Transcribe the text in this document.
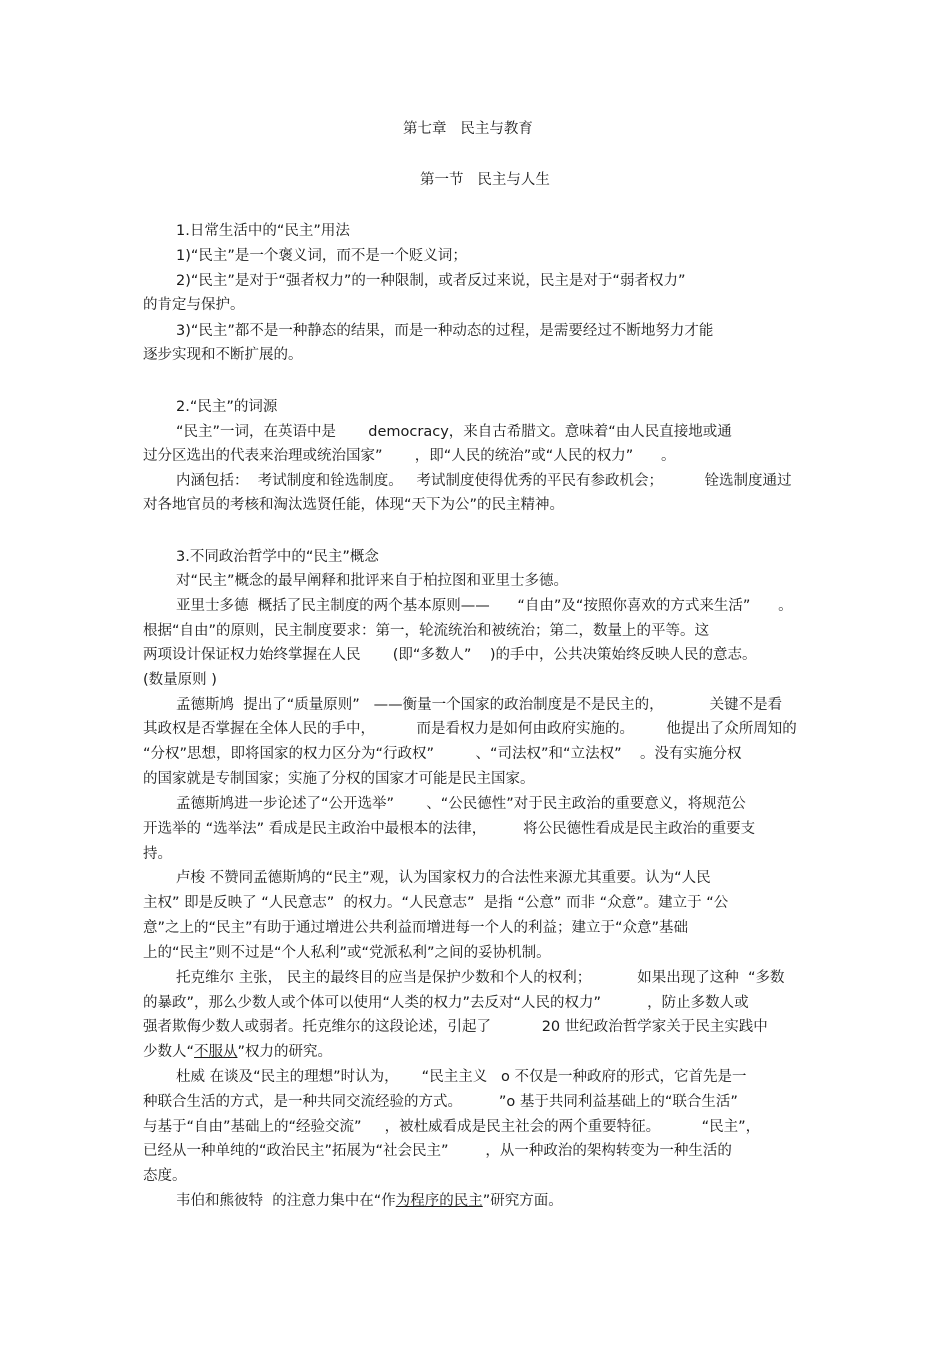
第七章   民主与教育

第一节   民主与人生

1.日常生活中的“民主”用法

1)“民主”是一个褒义词，而不是一个贬义词；

2)“民主”是对于“强者权力”的一种限制，或者反过来说，民主是对于“弱者权力”

的肯定与保护。

3)“民主”都不是一种静态的结果，而是一种动态的过程，是需要经过不断地努力才能

逐步实现和不断扩展的。

2.“民主”的词源

“民主”一词，在英语中是       democracy，来自古希腊文。意味着“由人民直接地或通

过分区选出的代表来治理或统治国家”       ，即“人民的统治”或“人民的权力”      。

内涵包括：  考试制度和铨选制度。   考试制度使得优秀的平民有参政机会；         铨选制度通过

对各地官员的考核和淘汰选贤任能，体现“天下为公”的民主精神。

3.不同政治哲学中的“民主”概念

对“民主”概念的最早阐释和批评来自于柏拉图和亚里士多德。

亚里士多德  概括了民主制度的两个基本原则——      “自由”及“按照你喜欢的方式来生活”      。

根据“自由”的原则，民主制度要求：第一，轮流统治和被统治；第二，数量上的平等。这

两项设计保证权力始终掌握在人民       (即“多数人”    )的手中，公共决策始终反映人民的意志。

(数量原则 )

孟德斯鸠  提出了“质量原则”   ——衡量一个国家的政治制度是不是民主的，          关键不是看

其政权是否掌握在全体人民的手中，         而是看权力是如何由政府实施的。       他提出了众所周知的

“分权”思想，即将国家的权力区分为“行政权”         、“司法权”和“立法权”    。没有实施分权

的国家就是专制国家；实施了分权的国家才可能是民主国家。

孟德斯鸠进一步论述了“公开选举”       、“公民德性”对于民主政治的重要意义，将规范公

开选举的 “选举法” 看成是民主政治中最根本的法律，        将公民德性看成是民主政治的重要支

持。

卢梭 不赞同孟德斯鸠的“民主”观，认为国家权力的合法性来源尤其重要。认为“人民

主权” 即是反映了 “人民意志”  的权力。“人民意志”  是指 “公意” 而非 “众意”。建立于 “公

意”之上的“民主”有助于通过增进公共利益而增进每一个人的利益；建立于“众意”基础

上的“民主”则不过是“个人私利”或“党派私利”之间的妥协机制。

托克维尔 主张， 民主的最终目的应当是保护少数和个人的权利；          如果出现了这种  “多数

的暴政”，那么少数人或个体可以使用“人类的权力”去反对“人民的权力”          ，防止多数人或

强者欺侮少数人或弱者。托克维尔的这段论述，引起了           20 世纪政治哲学家关于民主实践中

少数人“不服从”权力的研究。

杜威 在谈及“民主的理想”时认为，     “民主主义   o 不仅是一种政府的形式，它首先是一

种联合生活的方式，是一种共同交流经验的方式。        ”o 基于共同利益基础上的“联合生活”

与基于“自由”基础上的“经验交流”     ，被杜威看成是民主社会的两个重要特征。         “民主”，

已经从一种单纯的“政治民主”拓展为“社会民主”        ，从一种政治的架构转变为一种生活的

态度。

韦伯和熊彼特  的注意力集中在“作为程序的民主”研究方面。
